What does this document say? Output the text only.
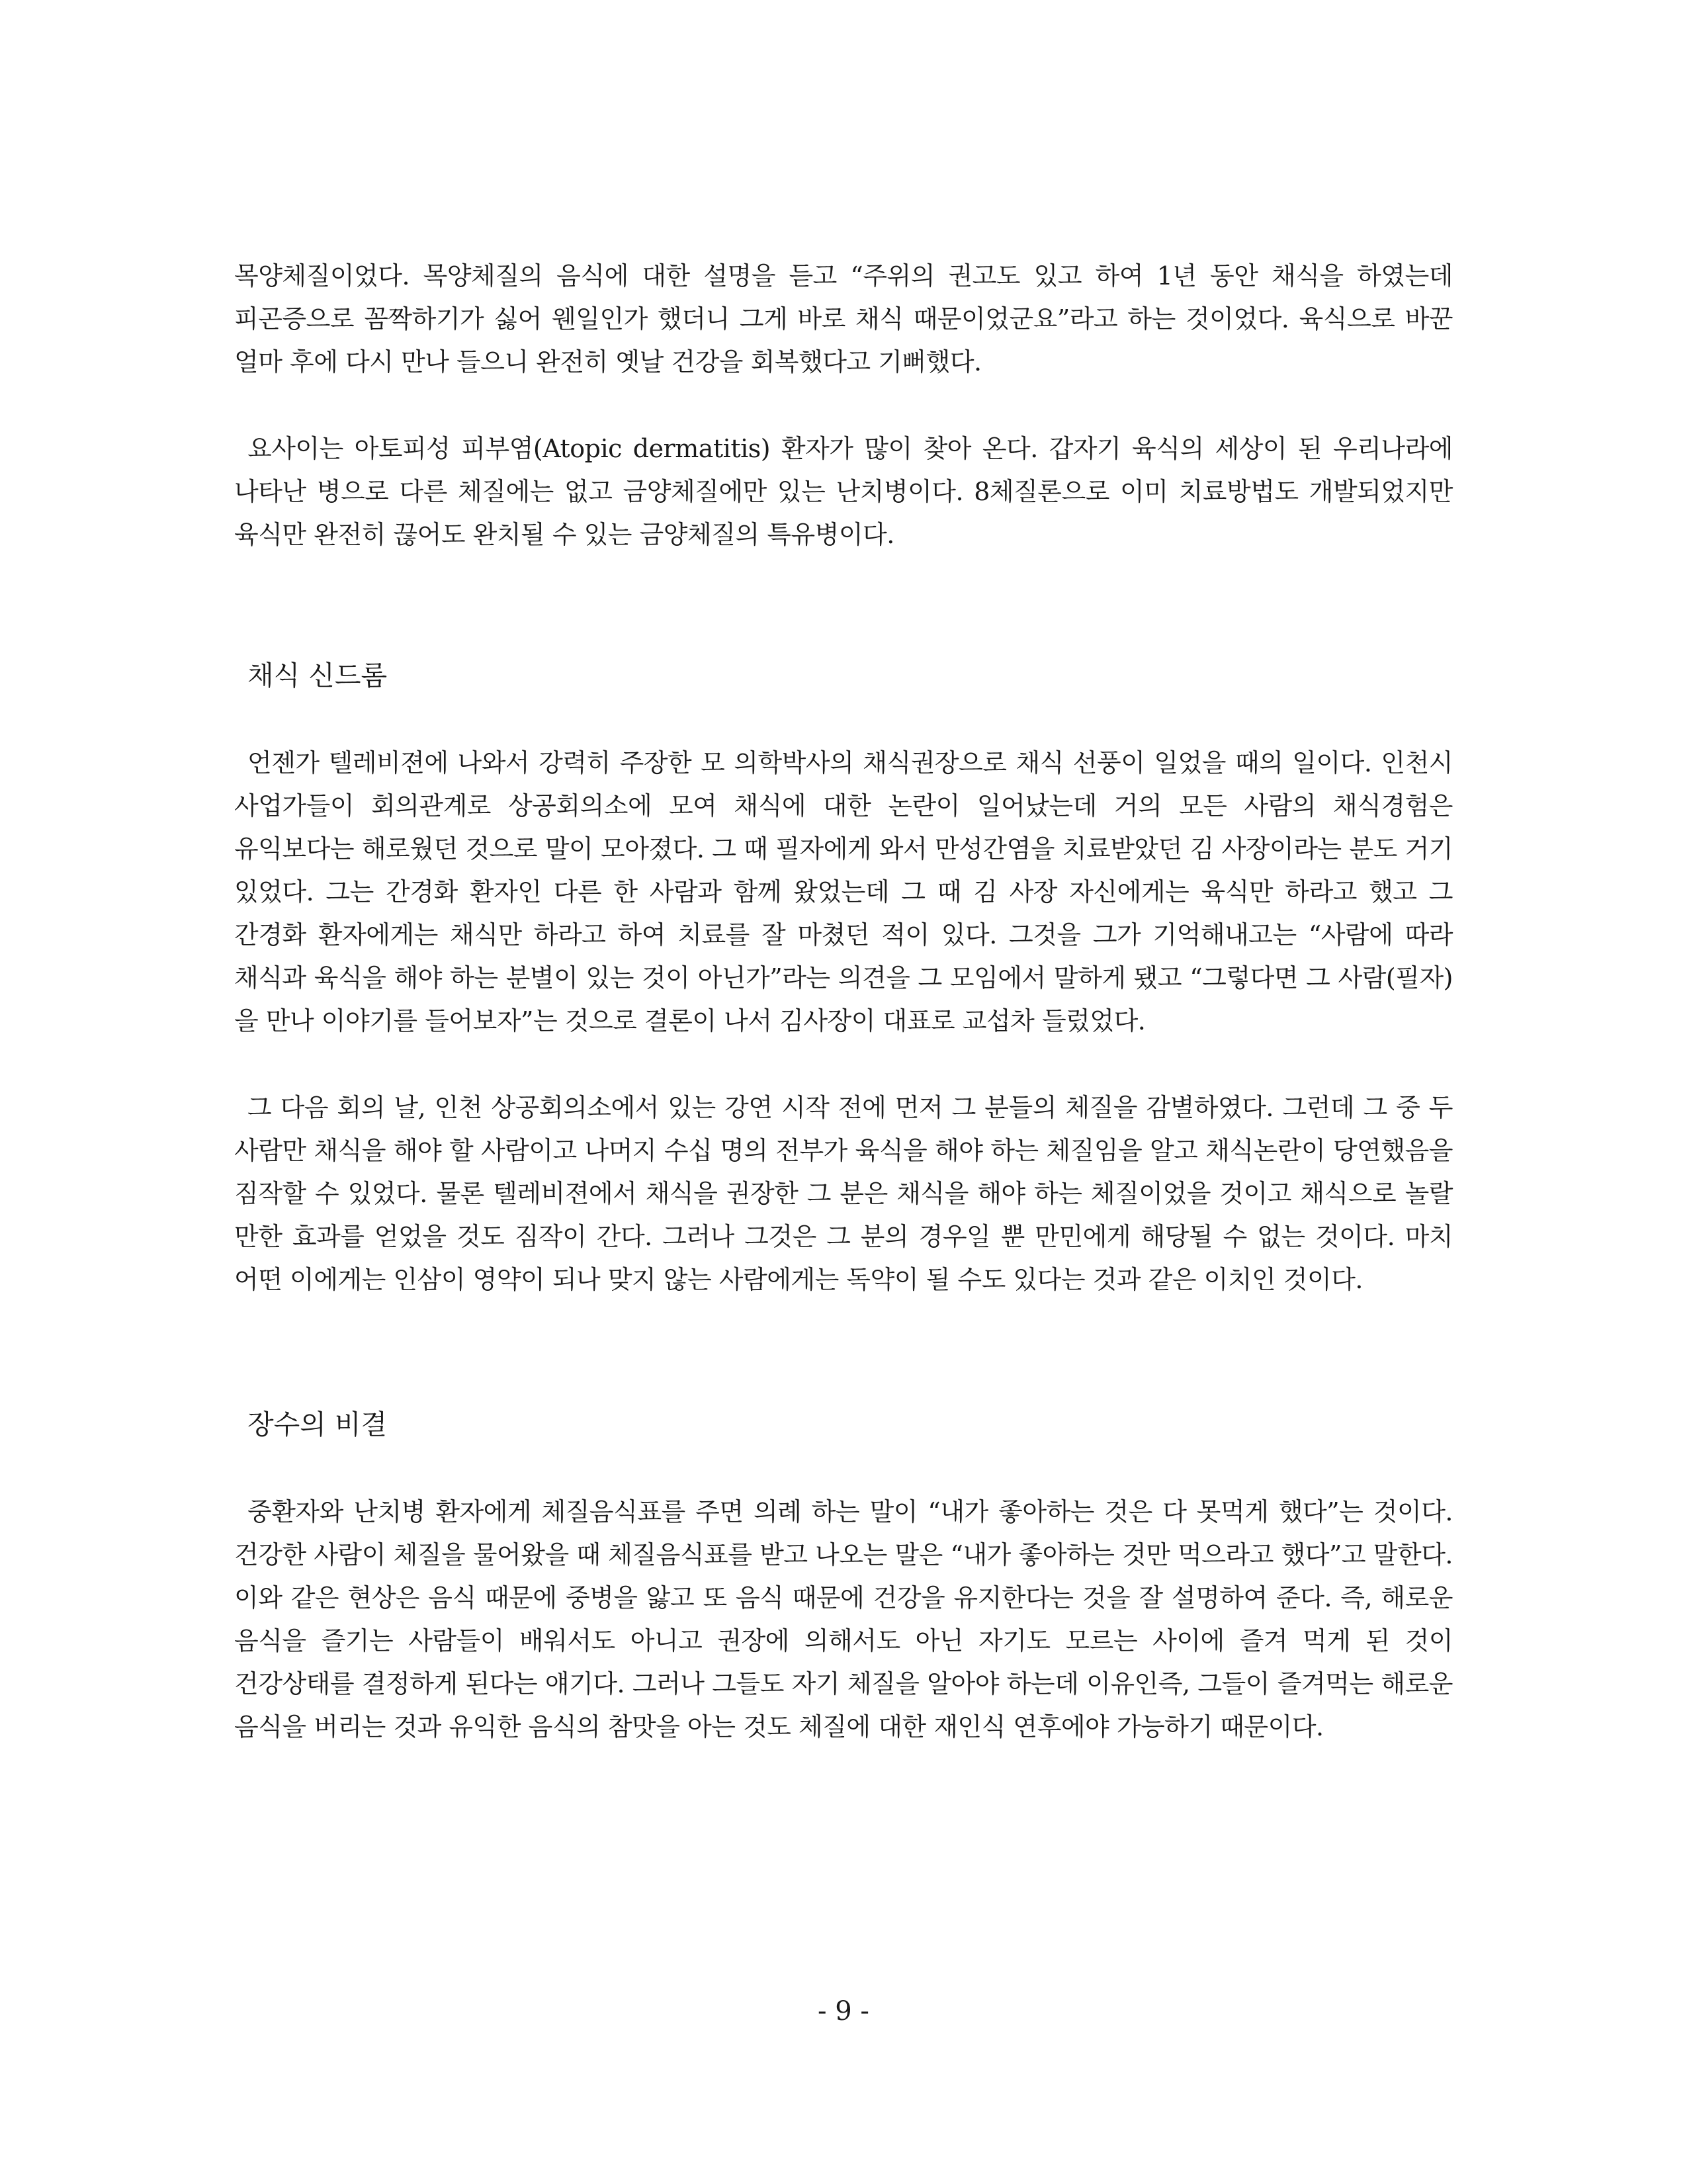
목양체질이었다. 목양체질의 음식에 대한 설명을 듣고 “주위의 권고도 있고 하여 1년 동안 채식을 하였는데 피곤증으로 꼼짝하기가 싫어 웬일인가 했더니 그게 바로 채식 때문이었군요”라고 하는 것이었다. 육식으로 바꾼 얼마 후에 다시 만나 들으니 완전히 옛날 건강을 회복했다고 기뻐했다.

요사이는 아토피성 피부염(Atopic dermatitis) 환자가 많이 찾아 온다. 갑자기 육식의 세상이 된 우리나라에 나타난 병으로 다른 체질에는 없고 금양체질에만 있는 난치병이다. 8체질론으로 이미 치료방법도 개발되었지만 육식만 완전히 끊어도 완치될 수 있는 금양체질의 특유병이다.

채식 신드롬

언젠가 텔레비젼에 나와서 강력히 주장한 모 의학박사의 채식권장으로 채식 선풍이 일었을 때의 일이다. 인천시 사업가들이 회의관계로 상공회의소에 모여 채식에 대한 논란이 일어났는데 거의 모든 사람의 채식경험은 유익보다는 해로웠던 것으로 말이 모아졌다. 그 때 필자에게 와서 만성간염을 치료받았던 김 사장이라는 분도 거기 있었다. 그는 간경화 환자인 다른 한 사람과 함께 왔었는데 그 때 김 사장 자신에게는 육식만 하라고 했고 그 간경화 환자에게는 채식만 하라고 하여 치료를 잘 마쳤던 적이 있다. 그것을 그가 기억해내고는 “사람에 따라 채식과 육식을 해야 하는 분별이 있는 것이 아닌가”라는 의견을 그 모임에서 말하게 됐고 “그렇다면 그 사람(필자)을 만나 이야기를 들어보자”는 것으로 결론이 나서 김사장이 대표로 교섭차 들렀었다.

그 다음 회의 날, 인천 상공회의소에서 있는 강연 시작 전에 먼저 그 분들의 체질을 감별하였다. 그런데 그 중 두 사람만 채식을 해야 할 사람이고 나머지 수십 명의 전부가 육식을 해야 하는 체질임을 알고 채식논란이 당연했음을 짐작할 수 있었다. 물론 텔레비젼에서 채식을 권장한 그 분은 채식을 해야 하는 체질이었을 것이고 채식으로 놀랄 만한 효과를 얻었을 것도 짐작이 간다. 그러나 그것은 그 분의 경우일 뿐 만민에게 해당될 수 없는 것이다. 마치 어떤 이에게는 인삼이 영약이 되나 맞지 않는 사람에게는 독약이 될 수도 있다는 것과 같은 이치인 것이다.

장수의 비결

중환자와 난치병 환자에게 체질음식표를 주면 의례 하는 말이 “내가 좋아하는 것은 다 못먹게 했다”는 것이다. 건강한 사람이 체질을 물어왔을 때 체질음식표를 받고 나오는 말은 “내가 좋아하는 것만 먹으라고 했다”고 말한다. 이와 같은 현상은 음식 때문에 중병을 앓고 또 음식 때문에 건강을 유지한다는 것을 잘 설명하여 준다. 즉, 해로운 음식을 즐기는 사람들이 배워서도 아니고 권장에 의해서도 아닌 자기도 모르는 사이에 즐겨 먹게 된 것이 건강상태를 결정하게 된다는 얘기다. 그러나 그들도 자기 체질을 알아야 하는데 이유인즉, 그들이 즐겨먹는 해로운 음식을 버리는 것과 유익한 음식의 참맛을 아는 것도 체질에 대한 재인식 연후에야 가능하기 때문이다.

- 9 -
